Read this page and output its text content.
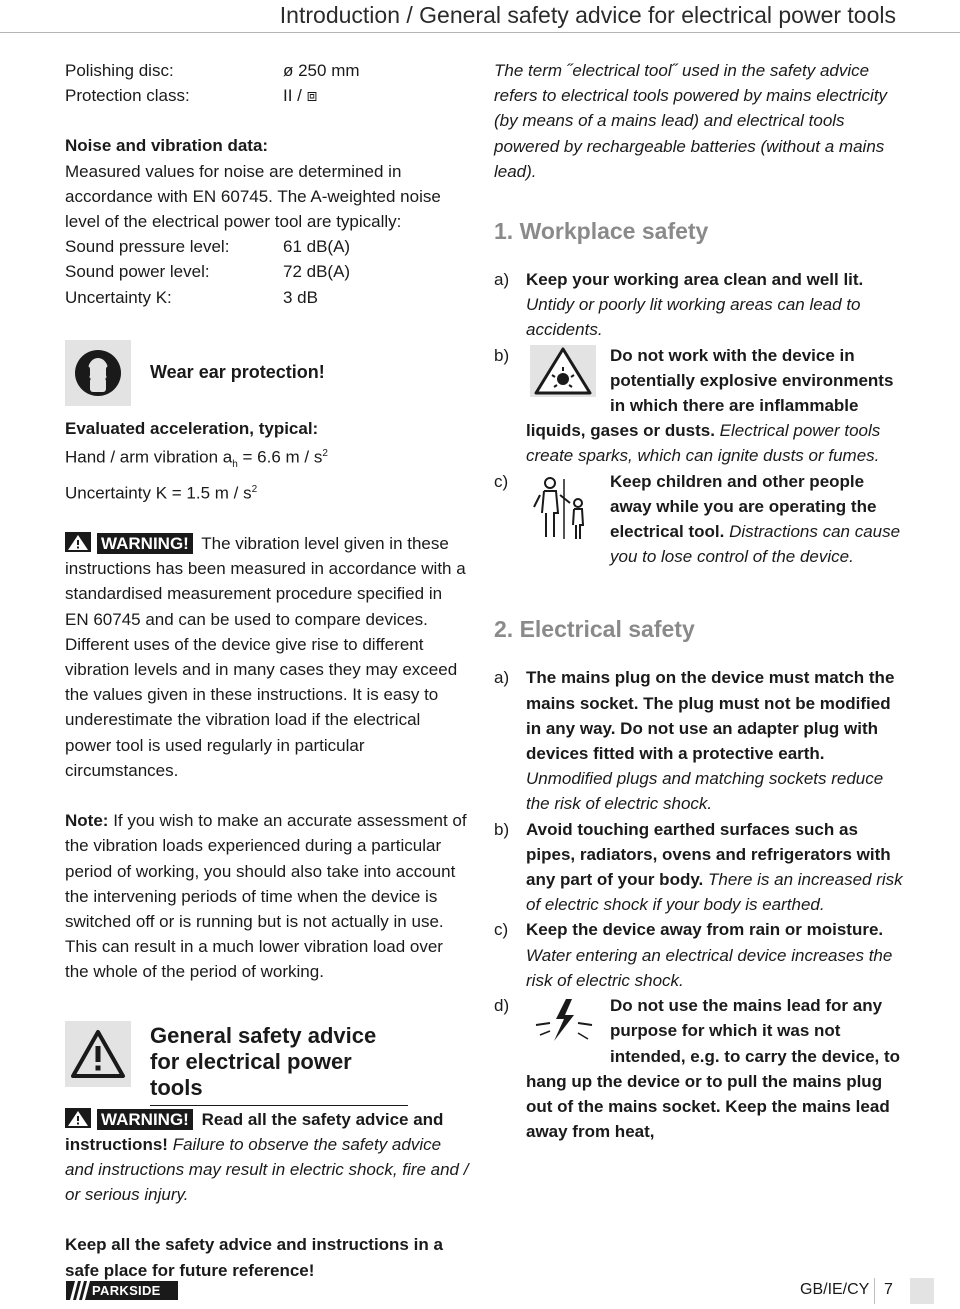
Introduction / General safety advice for electrical power tools
Polishing disc:	ø 250 mm
Protection class:	II / ⧈

Noise and vibration data:

Measured values for noise are determined in accordance with EN 60745. The A-weighted noise level of the electrical power tool are typically:

Sound pressure level:	61 dB(A)
Sound power level:	72 dB(A)
Uncertainty K:	3 dB
Wear ear protection!

Evaluated acceleration, typical:

Hand / arm vibration $a_h = 6.6$ m / $s^2$

Uncertainty K = 1.5 m / $s^2$

WARNING! The vibration level given in these instructions has been measured in accordance with a standardised measurement procedure specified in EN 60745 and can be used to compare devices. Different uses of the device give rise to different vibration levels and in many cases they may exceed the values given in these instructions. It is easy to underestimate the vibration load if the electrical power tool is used regularly in particular circumstances.

Note: If you wish to make an accurate assessment of the vibration loads experienced during a particular period of working, you should also take into account the intervening periods of time when the device is switched off or is running but is not actually in use. This can result in a much lower vibration load over the whole of the period of working.

General safety advice for electrical power tools

WARNING! Read all the safety advice and instructions! Failure to observe the safety advice and instructions may result in electric shock, fire and / or serious injury.

Keep all the safety advice and instructions in a safe place for future reference!

The term ˝electrical tool˝ used in the safety advice refers to electrical tools powered by mains electricity (by means of a mains lead) and electrical tools powered by rechargeable batteries (without a mains lead).

1. Workplace safety

a) Keep your working area clean and well lit. Untidy or poorly lit working areas can lead to accidents.

b)	Do not work with the device in potentially explosive environments in which there are inflammable liquids, gases or dusts. Electrical power tools create sparks, which can ignite dusts or fumes.

c)	Keep children and other people away while you are operating the electrical tool. Distractions can cause you to lose control of the device.

2. Electrical safety

a) The mains plug on the device must match the mains socket. The plug must not be modified in any way. Do not use an adapter plug with devices fitted with a protective earth. Unmodified plugs and matching sockets reduce the risk of electric shock.

b) Avoid touching earthed surfaces such as pipes, radiators, ovens and refrigerators with any part of your body. There is an increased risk of electric shock if your body is earthed.

c)	Keep the device away from rain or moisture. Water entering an electrical device increases the risk of electric shock.

d)	Do not use the mains lead for any purpose for which it was not intended, e.g. to carry the device, to hang up the device or to pull the mains plug out of the mains socket. Keep the mains lead away from heat,

PARKSIDE	GB/IE/CY 7
